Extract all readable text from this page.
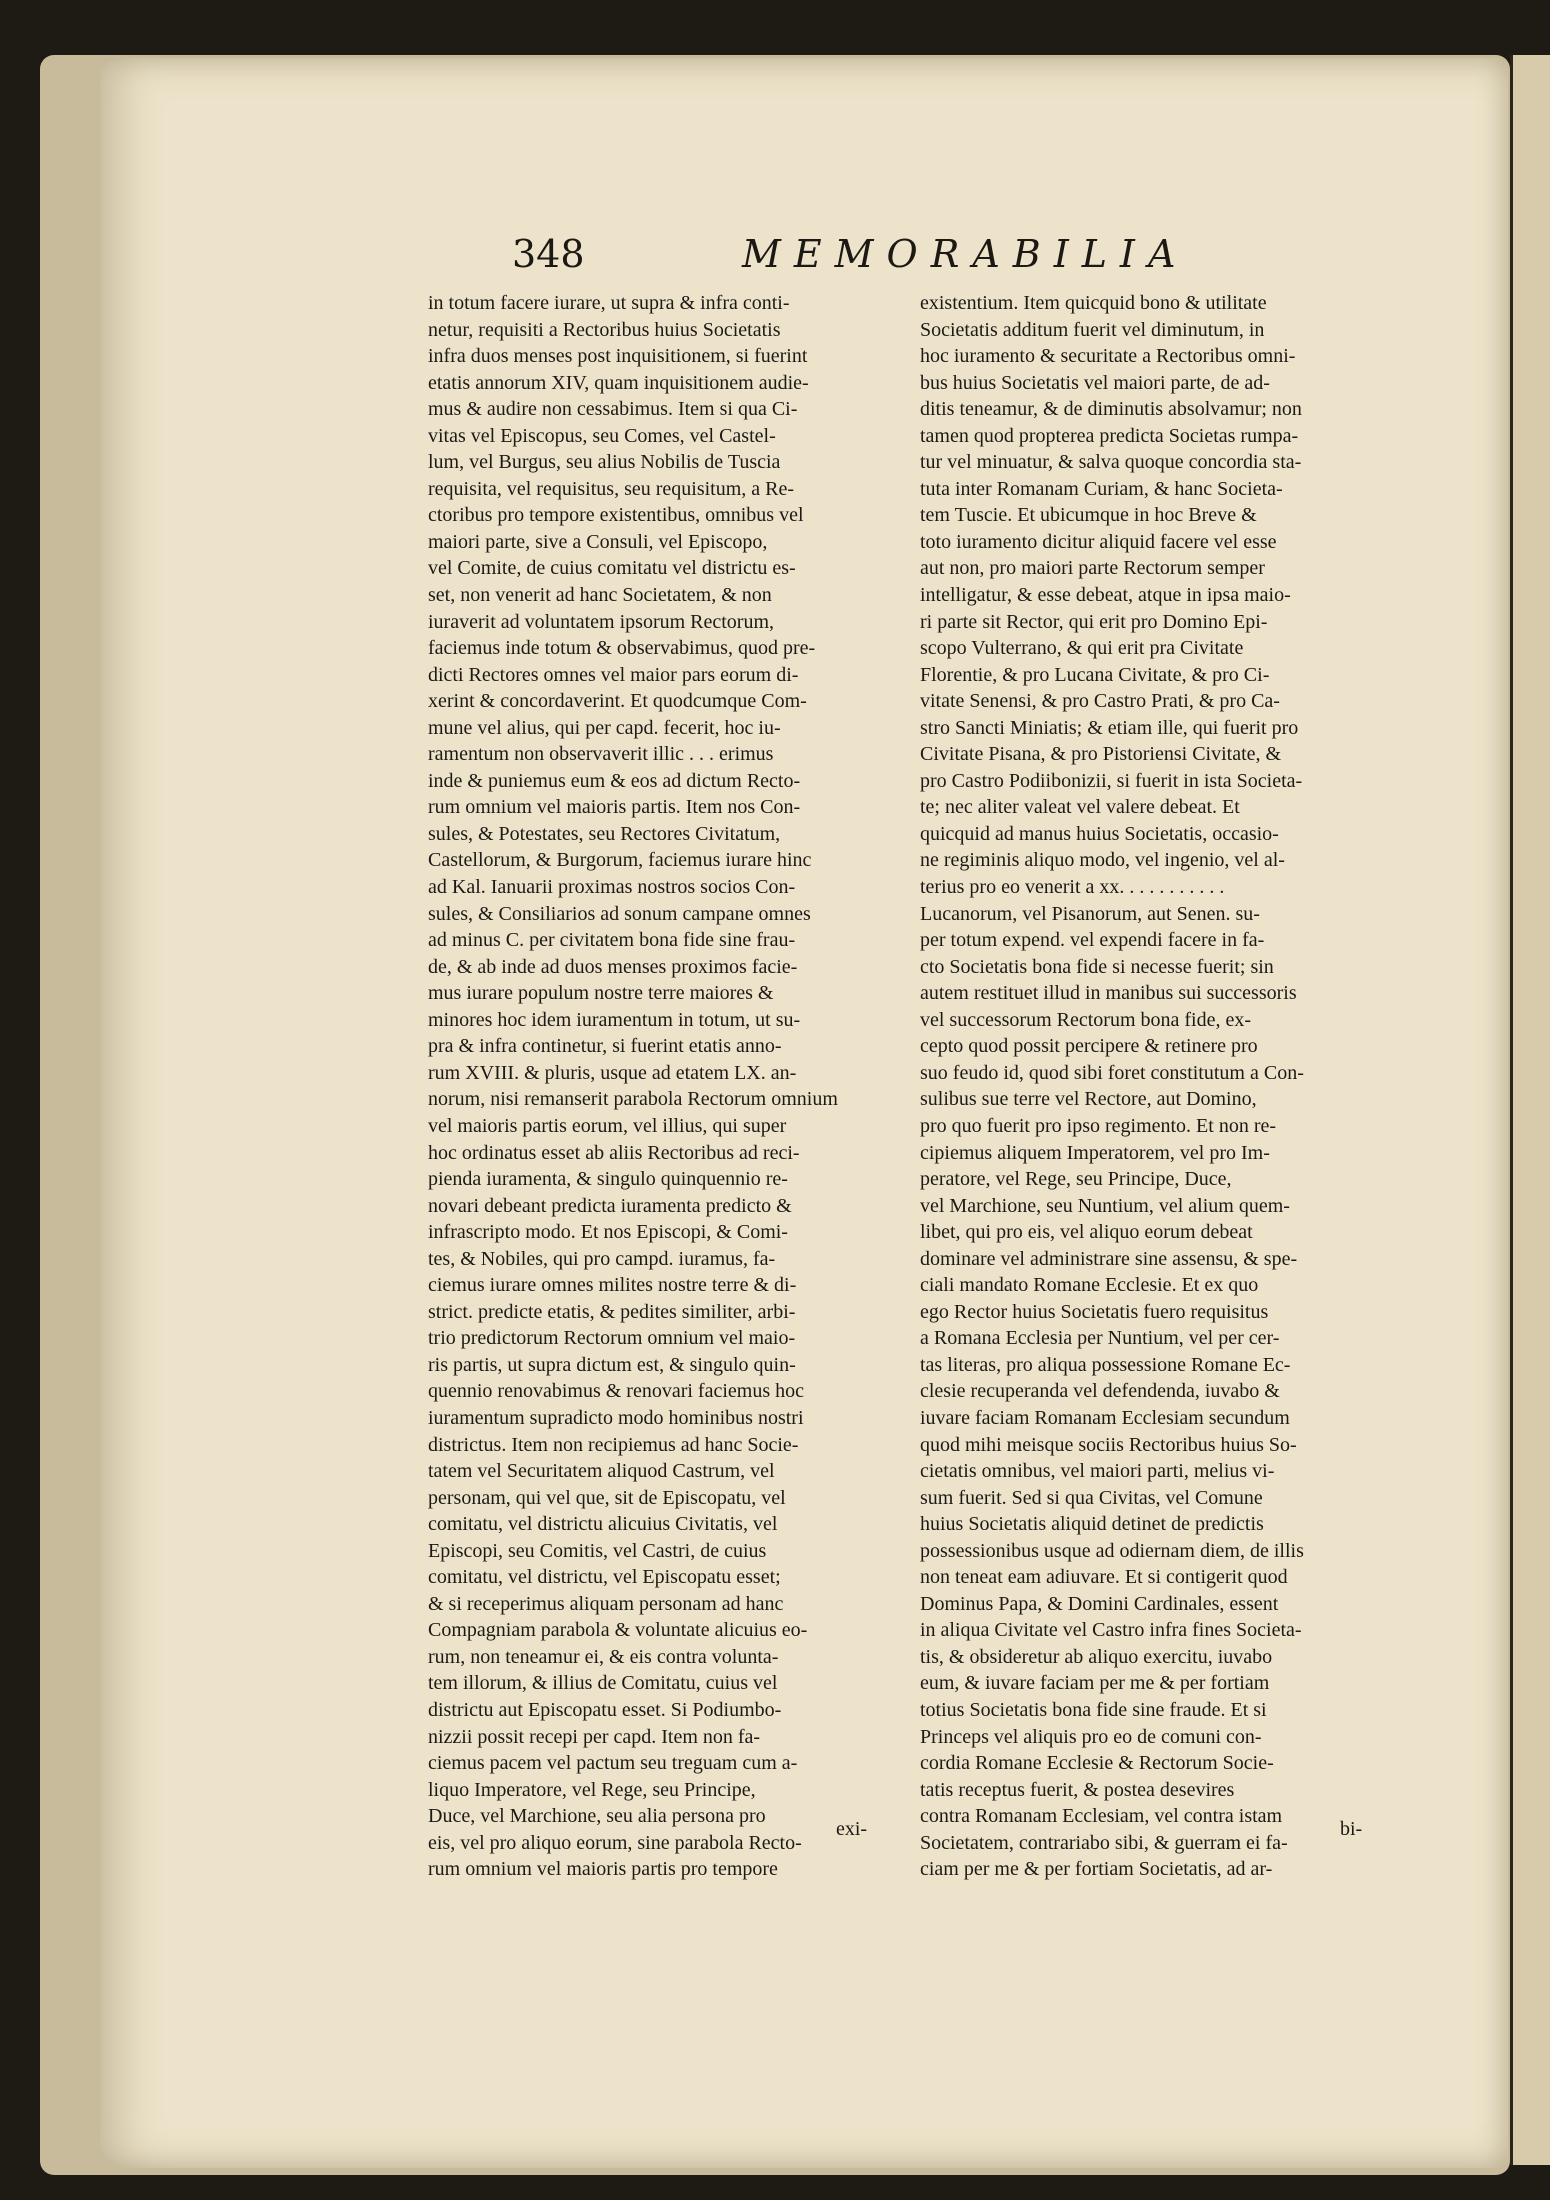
348	MEMORABILIA
in totum facere iurare, ut supra & infra conti-
netur, requisiti a Rectoribus huius Societatis
infra duos menses post inquisitionem, si fuerint
etatis annorum XIV, quam inquisitionem audie-
mus & audire non cessabimus. Item si qua Ci-
vitas vel Episcopus, seu Comes, vel Castel-
lum, vel Burgus, seu alius Nobilis de Tuscia
requisita, vel requisitus, seu requisitum, a Re-
ctoribus pro tempore existentibus, omnibus vel
maiori parte, sive a Consuli, vel Episcopo,
vel Comite, de cuius comitatu vel districtu es-
set, non venerit ad hanc Societatem, & non
iuraverit ad voluntatem ipsorum Rectorum,
faciemus inde totum & observabimus, quod pre-
dicti Rectores omnes vel maior pars eorum di-
xerint & concordaverint. Et quodcumque Com-
mune vel alius, qui per capd. fecerit, hoc iu-
ramentum non observaverit illic . . . erimus
inde & puniemus eum & eos ad dictum Recto-
rum omnium vel maioris partis. Item nos Con-
sules, & Potestates, seu Rectores Civitatum,
Castellorum, & Burgorum, faciemus iurare hinc
ad Kal. Ianuarii proximas nostros socios Con-
sules, & Consiliarios ad sonum campane omnes
ad minus C. per civitatem bona fide sine frau-
de, & ab inde ad duos menses proximos facie-
mus iurare populum nostre terre maiores &
minores hoc idem iuramentum in totum, ut su-
pra & infra continetur, si fuerint etatis anno-
rum XVIII. & pluris, usque ad etatem LX. an-
norum, nisi remanserit parabola Rectorum omnium
vel maioris partis eorum, vel illius, qui super
hoc ordinatus esset ab aliis Rectoribus ad reci-
pienda iuramenta, & singulo quinquennio re-
novari debeant predicta iuramenta predicto &
infrascripto modo. Et nos Episcopi, & Comi-
tes, & Nobiles, qui pro campd. iuramus, fa-
ciemus iurare omnes milites nostre terre & di-
strict. predicte etatis, & pedites similiter, arbi-
trio predictorum Rectorum omnium vel maio-
ris partis, ut supra dictum est, & singulo quin-
quennio renovabimus & renovari faciemus hoc
iuramentum supradicto modo hominibus nostri
districtus. Item non recipiemus ad hanc Socie-
tatem vel Securitatem aliquod Castrum, vel
personam, qui vel que, sit de Episcopatu, vel
comitatu, vel districtu alicuius Civitatis, vel
Episcopi, seu Comitis, vel Castri, de cuius
comitatu, vel districtu, vel Episcopatu esset;
& si receperimus aliquam personam ad hanc
Compagniam parabola & voluntate alicuius eo-
rum, non teneamur ei, & eis contra volunta-
tem illorum, & illius de Comitatu, cuius vel
districtu aut Episcopatu esset. Si Podiumbo-
nizzii possit recepi per capd. Item non fa-
ciemus pacem vel pactum seu treguam cum a-
liquo Imperatore, vel Rege, seu Principe,
Duce, vel Marchione, seu alia persona pro
eis, vel pro aliquo eorum, sine parabola Recto-
rum omnium vel maioris partis pro tempore
existentium. Item quicquid bono & utilitate
Societatis additum fuerit vel diminutum, in
hoc iuramento & securitate a Rectoribus omni-
bus huius Societatis vel maiori parte, de ad-
ditis teneamur, & de diminutis absolvamur; non
tamen quod propterea predicta Societas rumpa-
tur vel minuatur, & salva quoque concordia sta-
tuta inter Romanam Curiam, & hanc Societa-
tem Tuscie. Et ubicumque in hoc Breve &
toto iuramento dicitur aliquid facere vel esse
aut non, pro maiori parte Rectorum semper
intelligatur, & esse debeat, atque in ipsa maio-
ri parte sit Rector, qui erit pro Domino Epi-
scopo Vulterrano, & qui erit pra Civitate
Florentie, & pro Lucana Civitate, & pro Ci-
vitate Senensi, & pro Castro Prati, & pro Ca-
stro Sancti Miniatis; & etiam ille, qui fuerit pro
Civitate Pisana, & pro Pistoriensi Civitate, &
pro Castro Podiibonizii, si fuerit in ista Societa-
te; nec aliter valeat vel valere debeat. Et
quicquid ad manus huius Societatis, occasio-
ne regiminis aliquo modo, vel ingenio, vel al-
terius pro eo venerit a xx. . . . . . . . . . .
Lucanorum, vel Pisanorum, aut Senen. su-
per totum expend. vel expendi facere in fa-
cto Societatis bona fide si necesse fuerit; sin
autem restituet illud in manibus sui successoris
vel successorum Rectorum bona fide, ex-
cepto quod possit percipere & retinere pro
suo feudo id, quod sibi foret constitutum a Con-
sulibus sue terre vel Rectore, aut Domino,
pro quo fuerit pro ipso regimento. Et non re-
cipiemus aliquem Imperatorem, vel pro Im-
peratore, vel Rege, seu Principe, Duce,
vel Marchione, seu Nuntium, vel alium quem-
libet, qui pro eis, vel aliquo eorum debeat
dominare vel administrare sine assensu, & spe-
ciali mandato Romane Ecclesie. Et ex quo
ego Rector huius Societatis fuero requisitus
a Romana Ecclesia per Nuntium, vel per cer-
tas literas, pro aliqua possessione Romane Ec-
clesie recuperanda vel defendenda, iuvabo &
iuvare faciam Romanam Ecclesiam secundum
quod mihi meisque sociis Rectoribus huius So-
cietatis omnibus, vel maiori parti, melius vi-
sum fuerit. Sed si qua Civitas, vel Comune
huius Societatis aliquid detinet de predictis
possessionibus usque ad odiernam diem, de illis
non teneat eam adiuvare. Et si contigerit quod
Dominus Papa, & Domini Cardinales, essent
in aliqua Civitate vel Castro infra fines Societa-
tis, & obsideretur ab aliquo exercitu, iuvabo
eum, & iuvare faciam per me & per fortiam
totius Societatis bona fide sine fraude. Et si
Princeps vel aliquis pro eo de comuni con-
cordia Romane Ecclesie & Rectorum Socie-
tatis receptus fuerit, & postea desevires
contra Romanam Ecclesiam, vel contra istam
Societatem, contrariabo sibi, & guerram ei fa-
ciam per me & per fortiam Societatis, ad ar-
exi-	bi-
